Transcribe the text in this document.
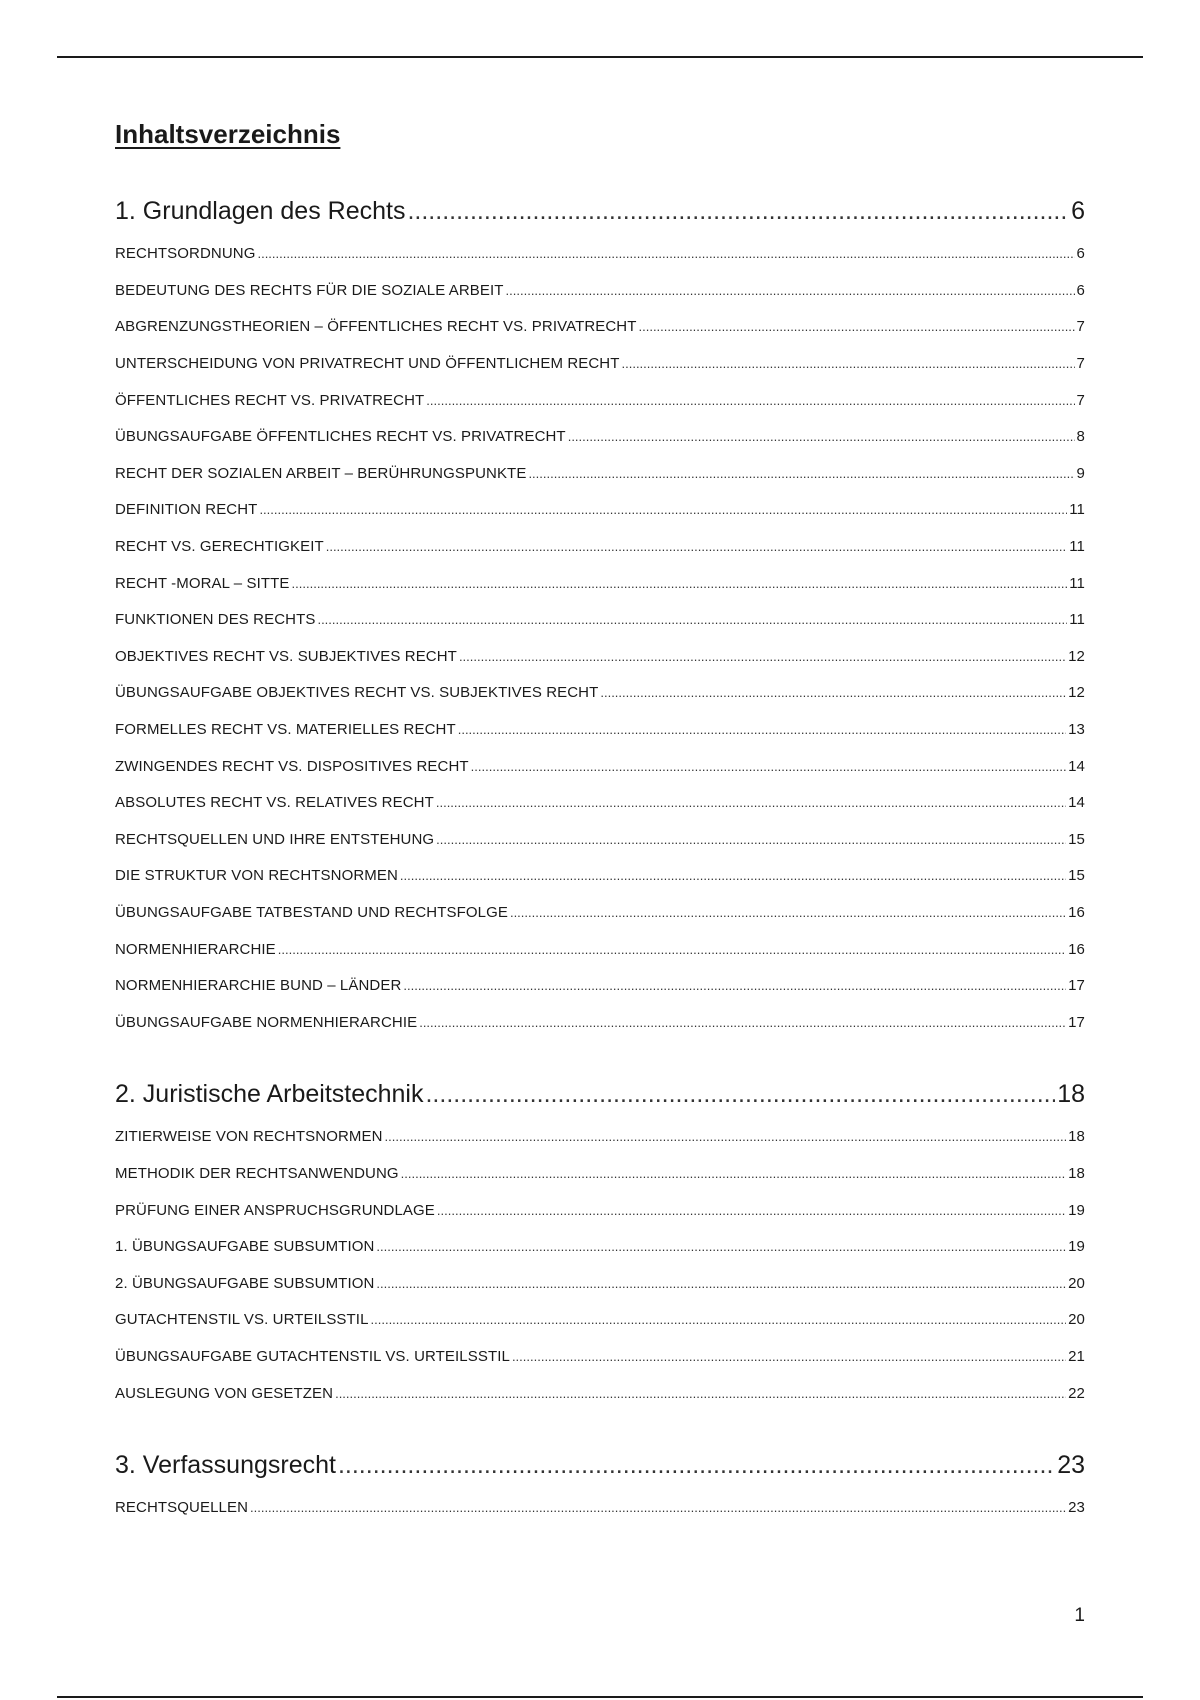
Inhaltsverzeichnis
1. Grundlagen des Rechts .....	6
RECHTSORDNUNG .....	6
BEDEUTUNG DES RECHTS FÜR DIE SOZIALE ARBEIT .....	6
ABGRENZUNGSTHEORIEN – ÖFFENTLICHES RECHT VS. PRIVATRECHT .....	7
UNTERSCHEIDUNG VON PRIVATRECHT UND ÖFFENTLICHEM RECHT .....	7
ÖFFENTLICHES RECHT VS. PRIVATRECHT .....	7
ÜBUNGSAUFGABE ÖFFENTLICHES RECHT VS. PRIVATRECHT .....	8
RECHT DER SOZIALEN ARBEIT – BERÜHRUNGSPUNKTE .....	9
DEFINITION RECHT .....	11
RECHT VS. GERECHTIGKEIT .....	11
RECHT -MORAL – SITTE .....	11
FUNKTIONEN DES RECHTS .....	11
OBJEKTIVES RECHT VS. SUBJEKTIVES RECHT .....	12
ÜBUNGSAUFGABE OBJEKTIVES RECHT VS. SUBJEKTIVES RECHT .....	12
FORMELLES RECHT VS. MATERIELLES RECHT .....	13
ZWINGENDES RECHT VS. DISPOSITIVES RECHT .....	14
ABSOLUTES RECHT VS. RELATIVES RECHT .....	14
RECHTSQUELLEN UND IHRE ENTSTEHUNG .....	15
DIE STRUKTUR VON RECHTSNORMEN .....	15
ÜBUNGSAUFGABE TATBESTAND UND RECHTSFOLGE .....	16
NORMENHIERARCHIE .....	16
NORMENHIERARCHIE BUND – LÄNDER .....	17
ÜBUNGSAUFGABE NORMENHIERARCHIE .....	17
2. Juristische Arbeitstechnik .....	18
ZITIERWEISE VON RECHTSNORMEN .....	18
METHODIK DER RECHTSANWENDUNG .....	18
PRÜFUNG EINER ANSPRUCHSGRUNDLAGE .....	19
1. ÜBUNGSAUFGABE SUBSUMTION .....	19
2. ÜBUNGSAUFGABE SUBSUMTION .....	20
GUTACHTENSTIL VS. URTEILSSTIL .....	20
ÜBUNGSAUFGABE GUTACHTENSTIL VS. URTEILSSTIL .....	21
AUSLEGUNG VON GESETZEN .....	22
3. Verfassungsrecht .....	23
RECHTSQUELLEN .....	23
1
